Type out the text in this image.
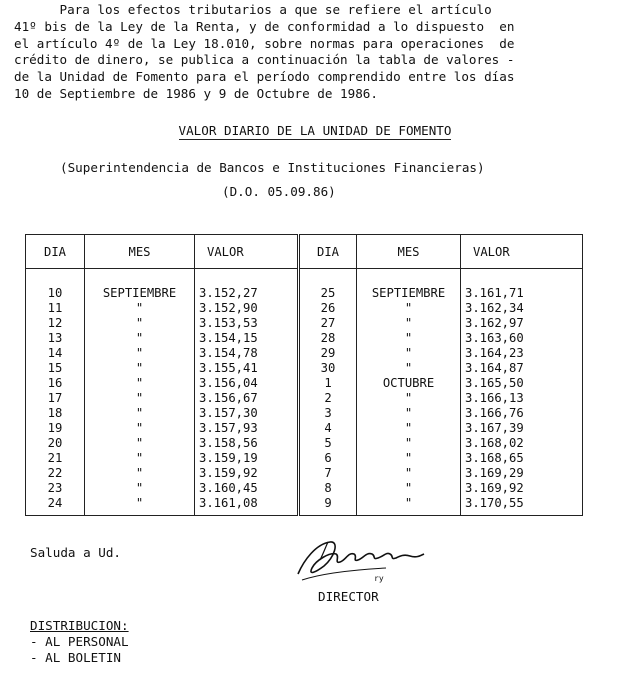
Para los efectos tributarios a que se refiere el artículo
41º bis de la Ley de la Renta, y de conformidad a lo dispuesto  en
el artículo 4º de la Ley 18.010, sobre normas para operaciones  de
crédito de dinero, se publica a continuación la tabla de valores -
de la Unidad de Fomento para el período comprendido entre los días
10 de Septiembre de 1986 y 9 de Octubre de 1986.
VALOR DIARIO DE LA UNIDAD DE FOMENTO
(Superintendencia de Bancos e Instituciones Financieras)
(D.O. 05.09.86)
DIA	MES	VALOR	DIA	MES	VALOR

10	SEPTIEMBRE	3.152,27	25	SEPTIEMBRE	3.161,71
11	"	3.152,90	26	"	3.162,34
12	"	3.153,53	27	"	3.162,97
13	"	3.154,15	28	"	3.163,60
14	"	3.154,78	29	"	3.164,23
15	"	3.155,41	30	"	3.164,87
16	"	3.156,04	1	OCTUBRE	3.165,50
17	"	3.156,67	2	"	3.166,13
18	"	3.157,30	3	"	3.166,76
19	"	3.157,93	4	"	3.167,39
20	"	3.158,56	5	"	3.168,02
21	"	3.159,19	6	"	3.168,65
22	"	3.159,92	7	"	3.169,29
23	"	3.160,45	8	"	3.169,92
24	"	3.161,08	9	"	3.170,55
Saluda a Ud.
ry
DIRECTOR
DISTRIBUCION:
- AL PERSONAL
- AL BOLETIN
